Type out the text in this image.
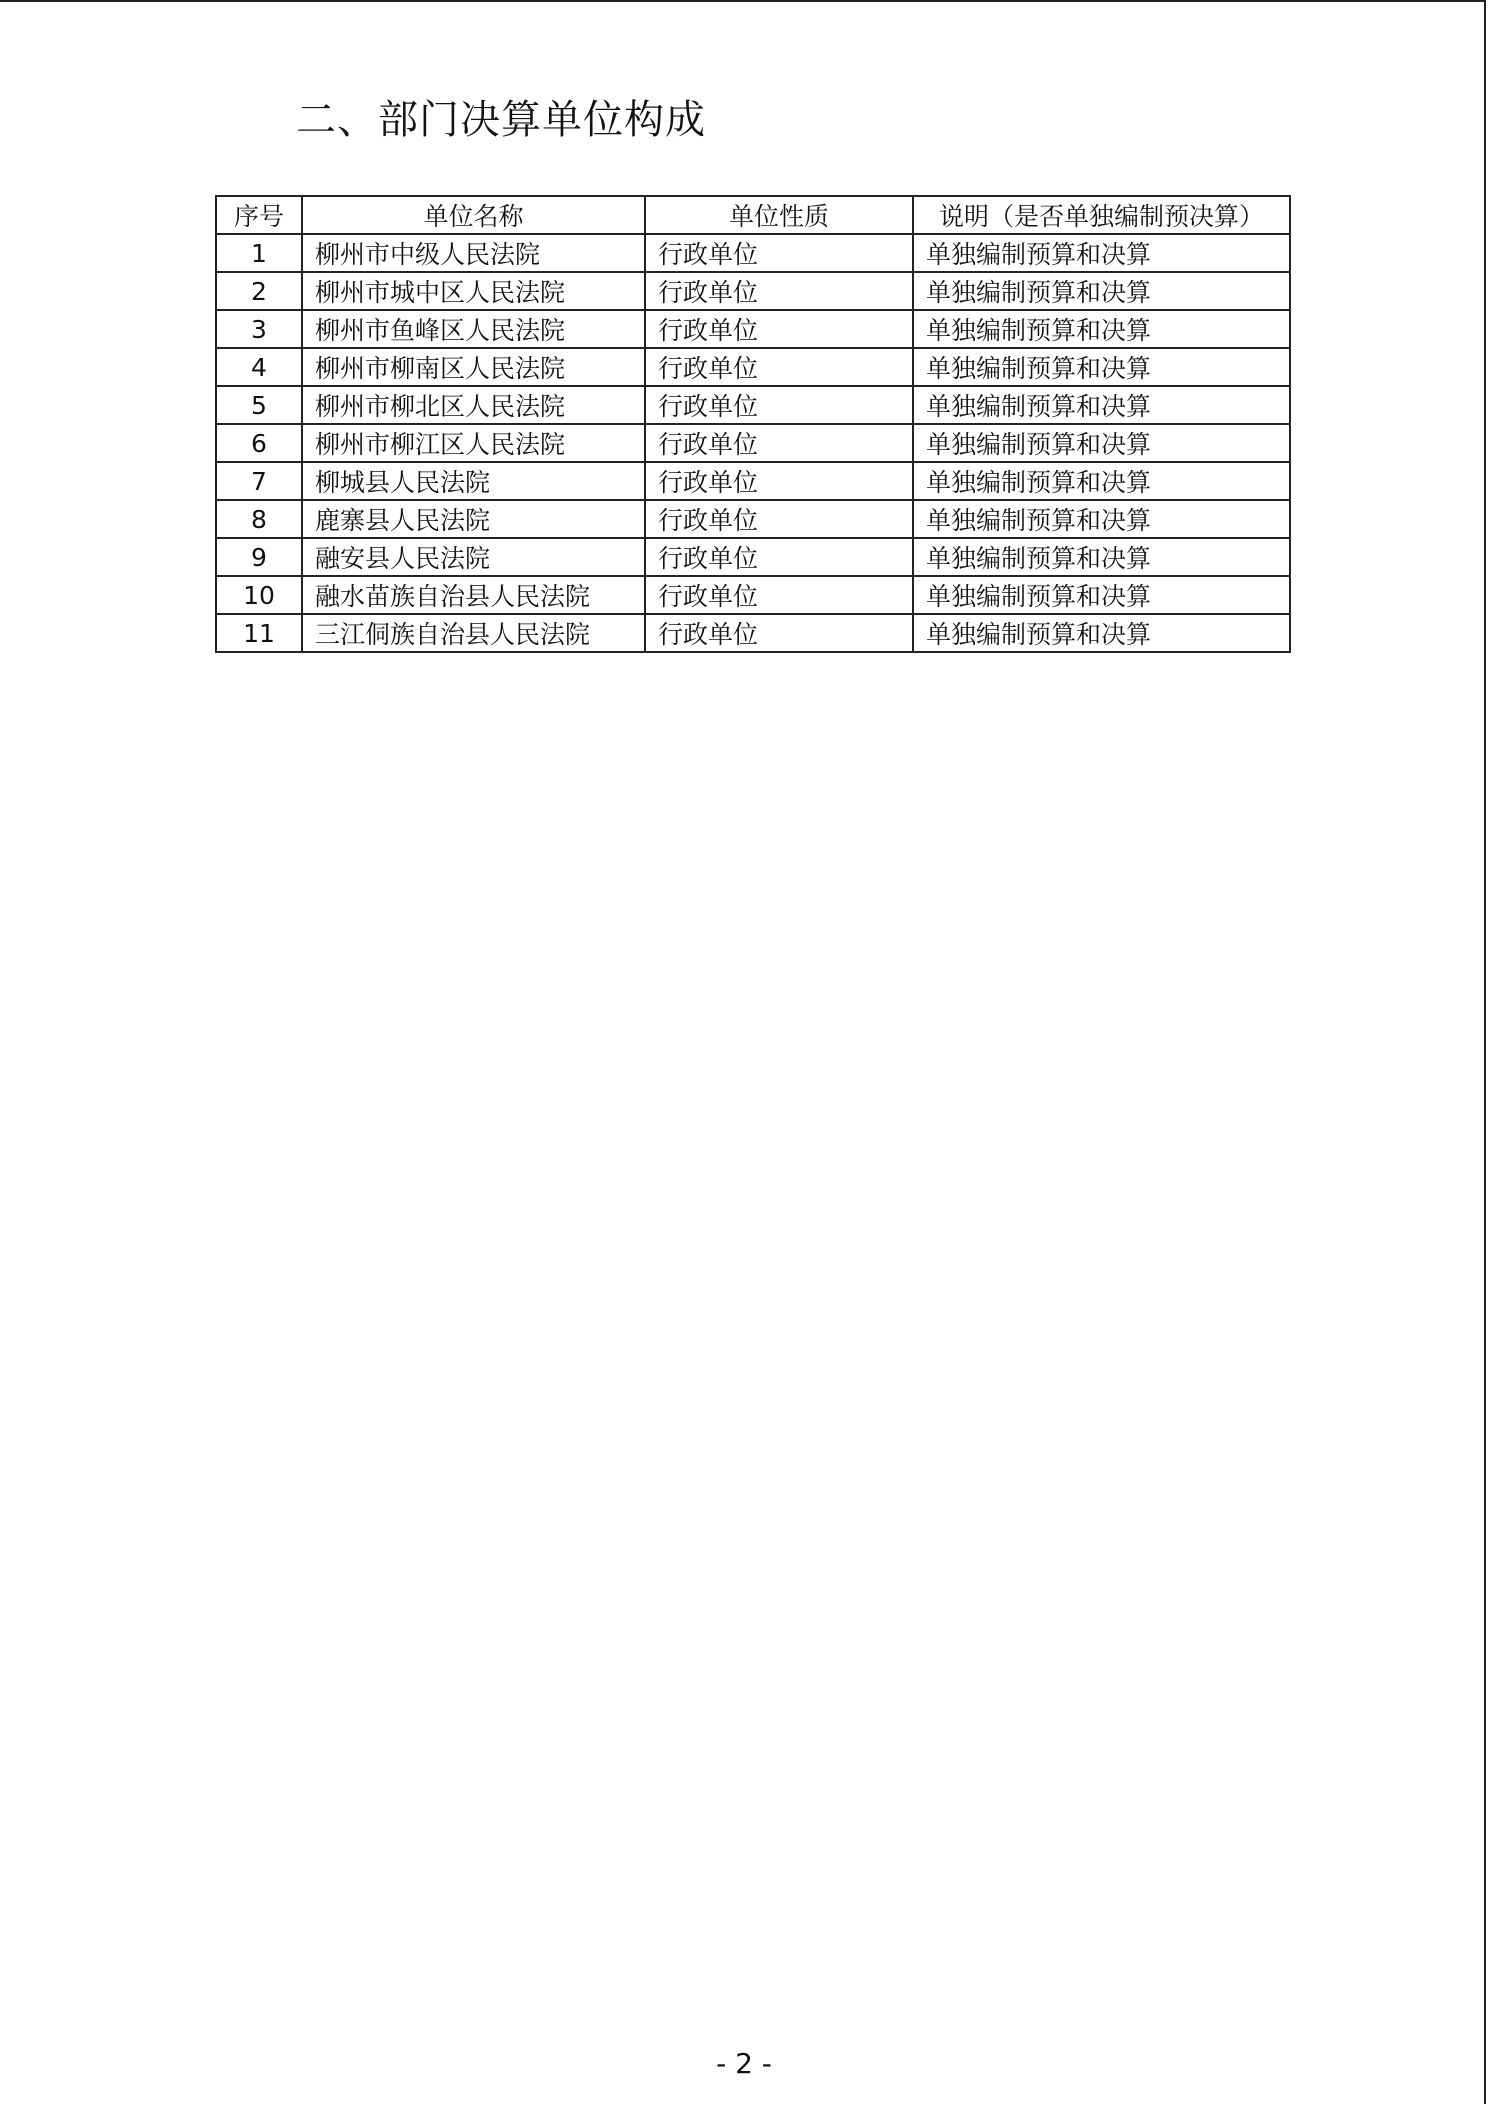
二、部门决算单位构成
序号	单位名称	单位性质	说明（是否单独编制预决算）
1	柳州市中级人民法院	行政单位	单独编制预算和决算
2	柳州市城中区人民法院	行政单位	单独编制预算和决算
3	柳州市鱼峰区人民法院	行政单位	单独编制预算和决算
4	柳州市柳南区人民法院	行政单位	单独编制预算和决算
5	柳州市柳北区人民法院	行政单位	单独编制预算和决算
6	柳州市柳江区人民法院	行政单位	单独编制预算和决算
7	柳城县人民法院	行政单位	单独编制预算和决算
8	鹿寨县人民法院	行政单位	单独编制预算和决算
9	融安县人民法院	行政单位	单独编制预算和决算
10	融水苗族自治县人民法院	行政单位	单独编制预算和决算
11	三江侗族自治县人民法院	行政单位	单独编制预算和决算
- 2 -
